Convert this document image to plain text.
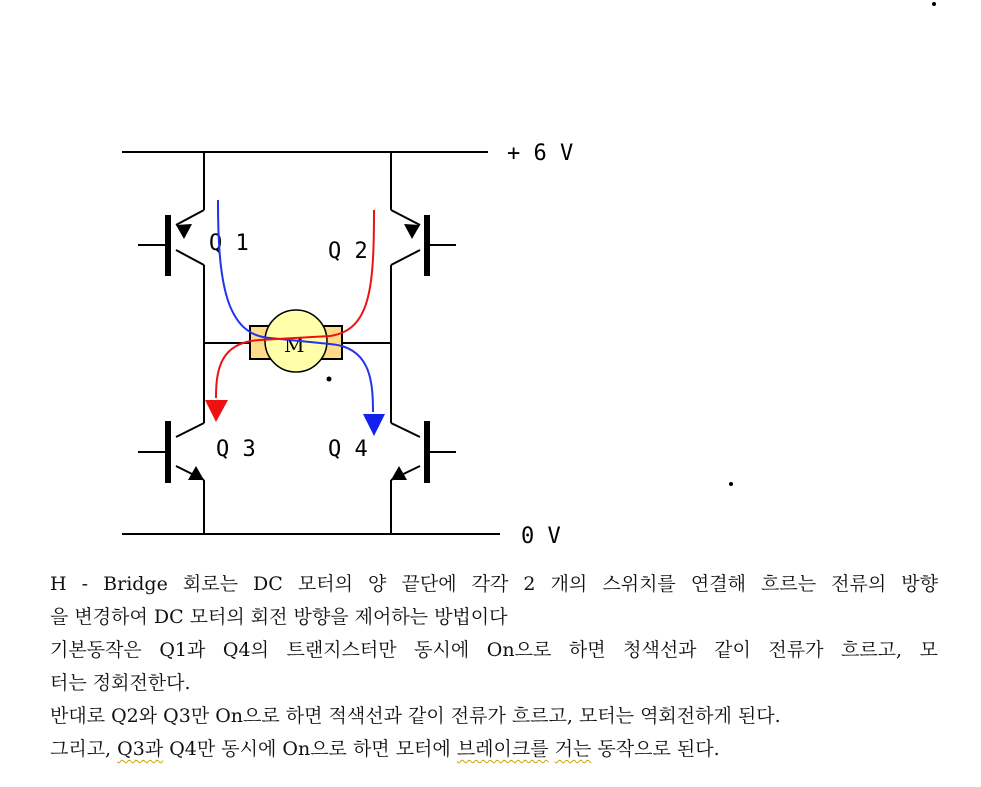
+ 6 V
0 V
Q 1	Q 2
Q 3	Q 4
M
H - Bridge 회로는 DC 모터의 양 끝단에 각각 2 개의 스위치를 연결해 흐르는 전류의 방향
을 변경하여 DC 모터의 회전 방향을 제어하는 방법이다
기본동작은 Q1과 Q4의 트랜지스터만 동시에 On으로 하면 청색선과 같이 전류가 흐르고, 모
터는 정회전한다.
반대로 Q2와 Q3만 On으로 하면 적색선과 같이 전류가 흐르고, 모터는 역회전하게 된다.
그리고, Q3과 Q4만 동시에 On으로 하면 모터에 브레이크를 거는 동작으로 된다.
